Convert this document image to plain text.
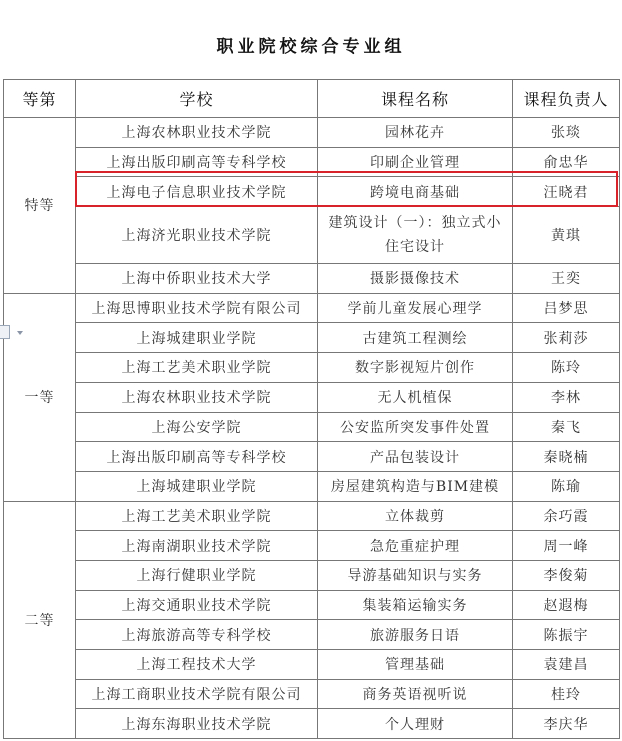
职业院校综合专业组
等第	学校	课程名称	课程负责人
特等	上海农林职业技术学院	园林花卉	张琰
	上海出版印刷高等专科学校	印刷企业管理	俞忠华
	上海电子信息职业技术学院	跨境电商基础	汪晓君
	上海济光职业技术学院	建筑设计（一）：独立式小住宅设计	黄琪
	上海中侨职业技术大学	摄影摄像技术	王奕
一等	上海思博职业技术学院有限公司	学前儿童发展心理学	吕梦思
	上海城建职业学院	古建筑工程测绘	张莉莎
	上海工艺美术职业学院	数字影视短片创作	陈玲
	上海农林职业技术学院	无人机植保	李林
	上海公安学院	公安监所突发事件处置	秦飞
	上海出版印刷高等专科学校	产品包装设计	秦晓楠
	上海城建职业学院	房屋建筑构造与BIM建模	陈瑜
二等	上海工艺美术职业学院	立体裁剪	余巧霞
	上海南湖职业技术学院	急危重症护理	周一峰
	上海行健职业学院	导游基础知识与实务	李俊菊
	上海交通职业技术学院	集装箱运输实务	赵遐梅
	上海旅游高等专科学校	旅游服务日语	陈振宇
	上海工程技术大学	管理基础	袁建昌
	上海工商职业技术学院有限公司	商务英语视听说	桂玲
	上海东海职业技术学院	个人理财	李庆华
